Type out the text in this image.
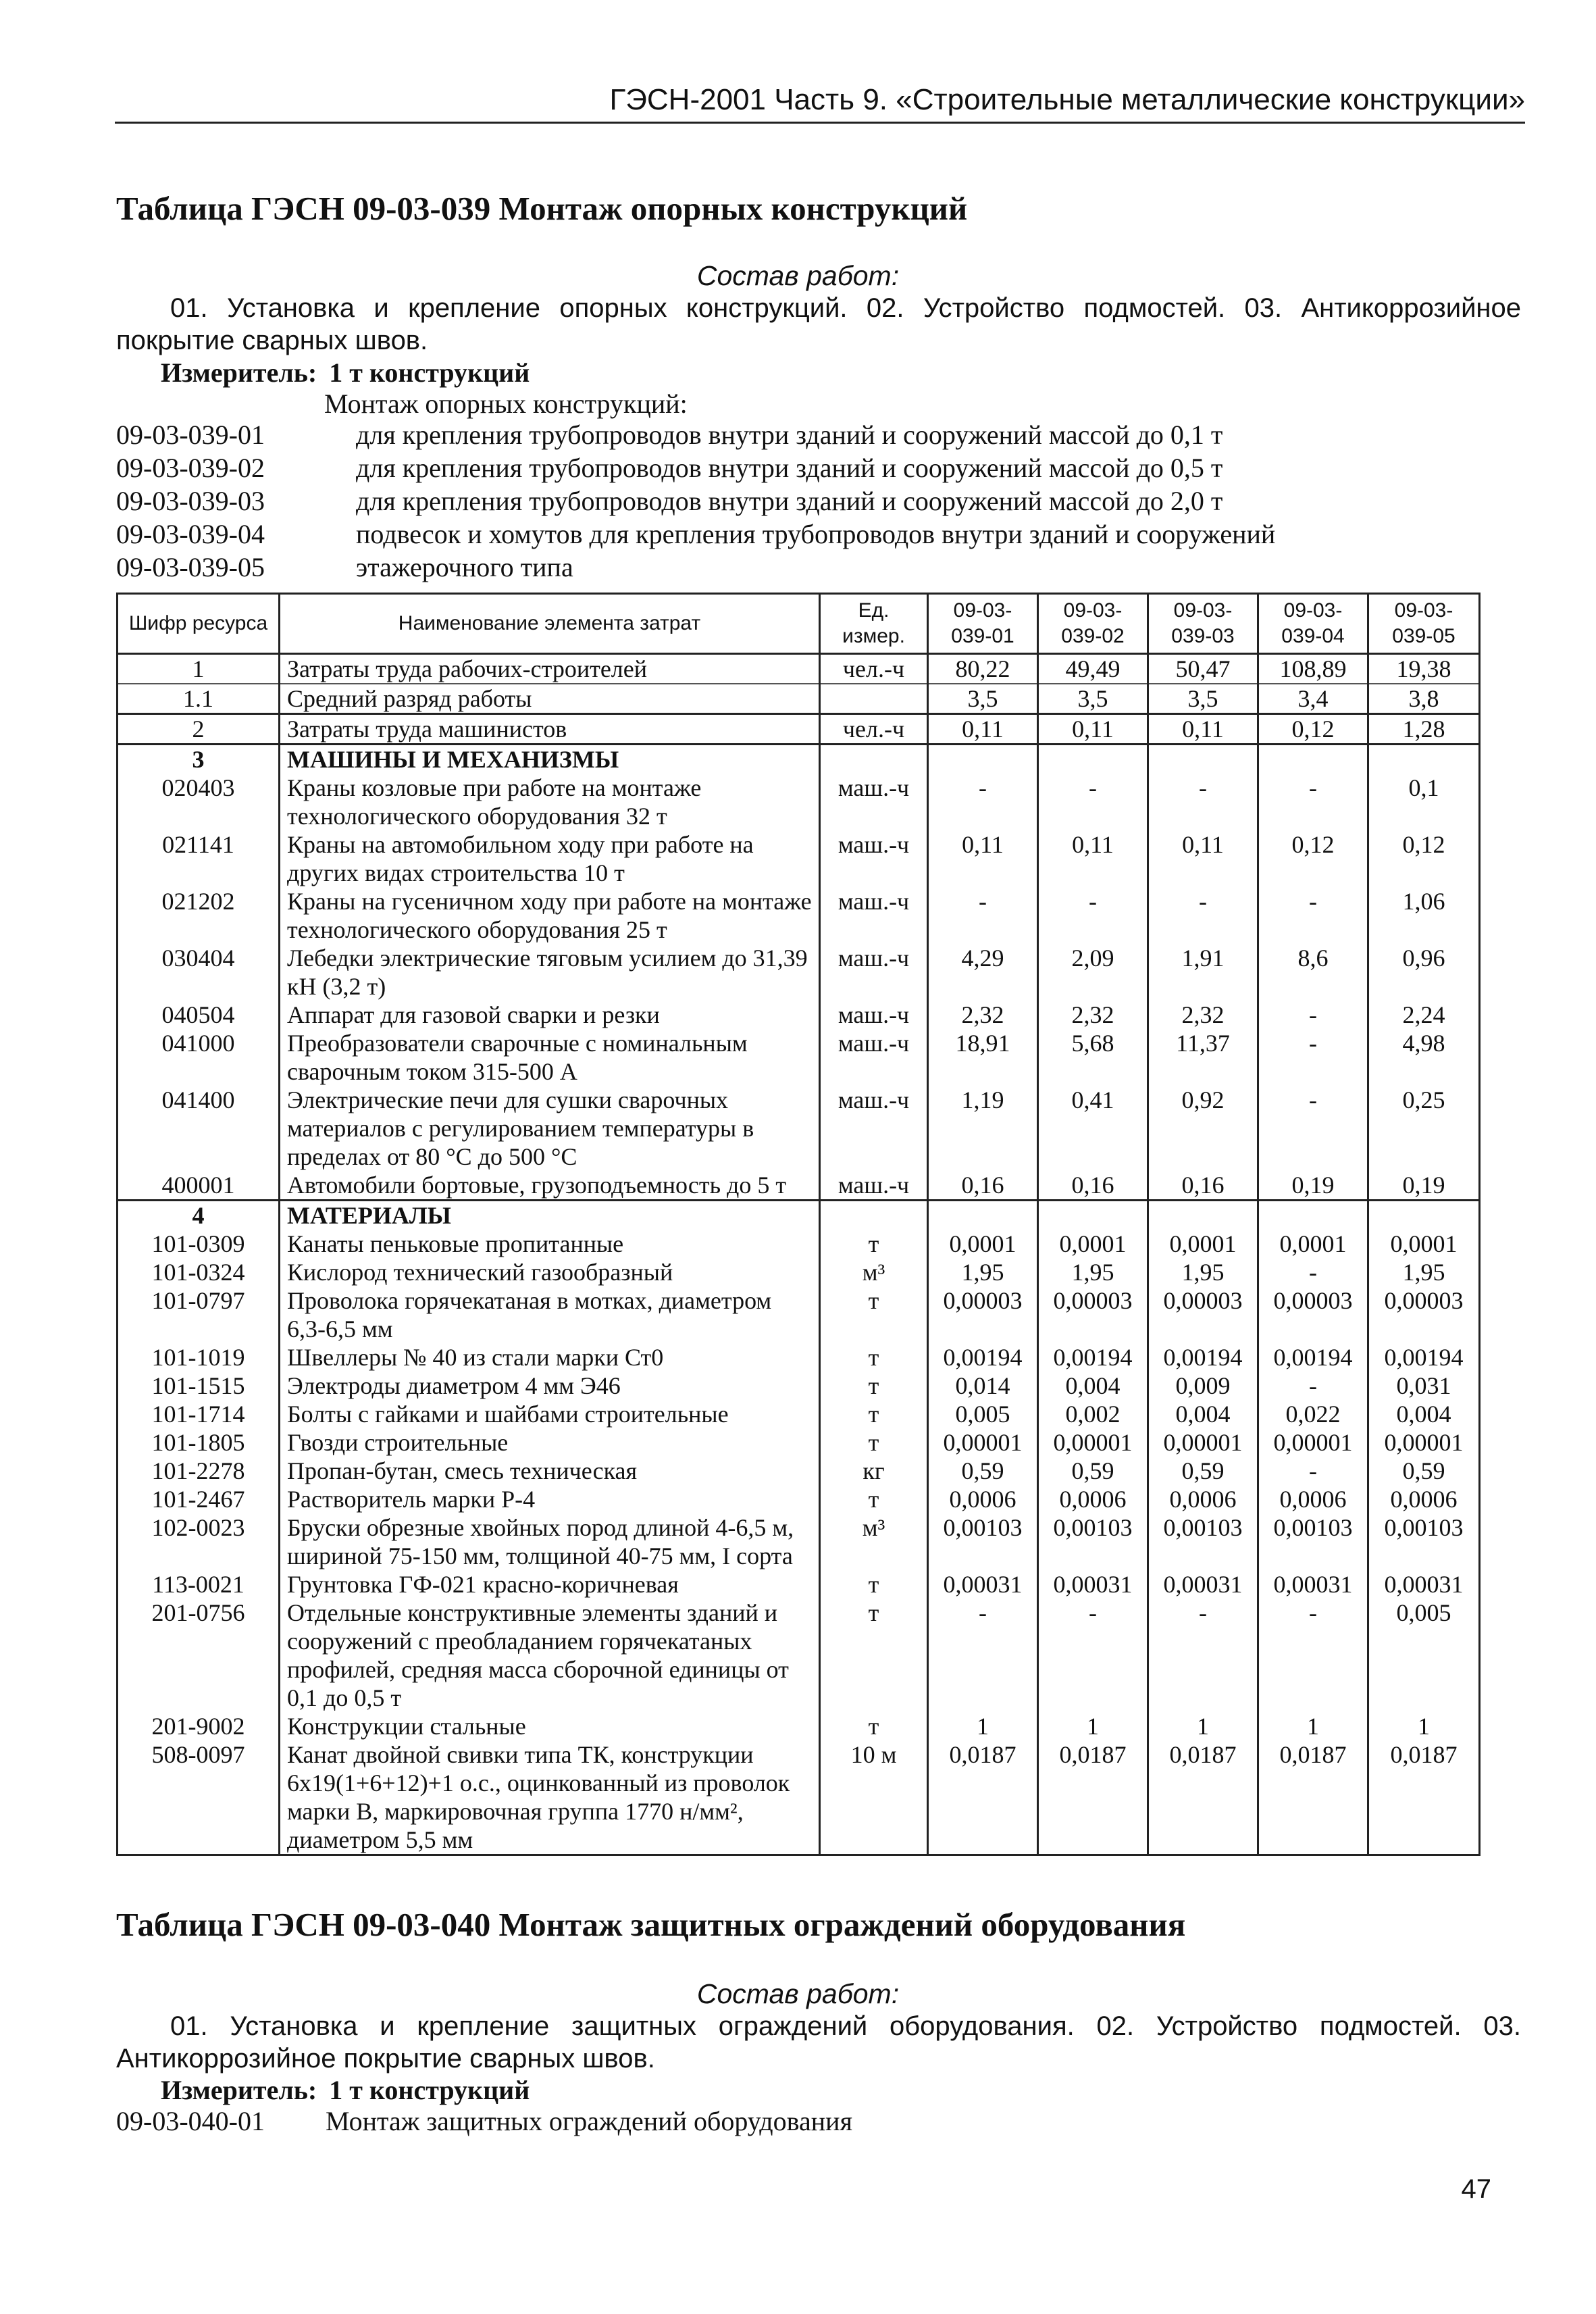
ГЭСН-2001 Часть 9. «Строительные металлические конструкции»
Таблица ГЭСН 09-03-039 Монтаж опорных конструкций
Состав работ:
01. Установка и крепление опорных конструкций. 02. Устройство подмостей. 03. Антикоррозийное покрытие сварных швов.
Измеритель: 1 т конструкций
Монтаж опорных конструкций:
09-03-039-01	для крепления трубопроводов внутри зданий и сооружений массой до 0,1 т
09-03-039-02	для крепления трубопроводов внутри зданий и сооружений массой до 0,5 т
09-03-039-03	для крепления трубопроводов внутри зданий и сооружений массой до 2,0 т
09-03-039-04	подвесок и хомутов для крепления трубопроводов внутри зданий и сооружений
09-03-039-05	этажерочного типа
Шифр ресурса	Наименование элемента затрат	Ед. измер.	09-03-039-01	09-03-039-02	09-03-039-03	09-03-039-04	09-03-039-05
1	Затраты труда рабочих-строителей	чел.-ч	80,22	49,49	50,47	108,89	19,38
1.1	Средний разряд работы		3,5	3,5	3,5	3,4	3,8
2	Затраты труда машинистов	чел.-ч	0,11	0,11	0,11	0,12	1,28
3	МАШИНЫ И МЕХАНИЗМЫ						
020403	Краны козловые при работе на монтаже технологического оборудования 32 т	маш.-ч	-	-	-	-	0,1
021141	Краны на автомобильном ходу при работе на других видах строительства 10 т	маш.-ч	0,11	0,11	0,11	0,12	0,12
021202	Краны на гусеничном ходу при работе на монтаже технологического оборудования 25 т	маш.-ч	-	-	-	-	1,06
030404	Лебедки электрические тяговым усилием до 31,39 кН (3,2 т)	маш.-ч	4,29	2,09	1,91	8,6	0,96
040504	Аппарат для газовой сварки и резки	маш.-ч	2,32	2,32	2,32	-	2,24
041000	Преобразователи сварочные с номинальным сварочным током 315-500 А	маш.-ч	18,91	5,68	11,37	-	4,98
041400	Электрические печи для сушки сварочных материалов с регулированием температуры в пределах от 80 °С до 500 °С	маш.-ч	1,19	0,41	0,92	-	0,25
400001	Автомобили бортовые, грузоподъемность до 5 т	маш.-ч	0,16	0,16	0,16	0,19	0,19
4	МАТЕРИАЛЫ						
101-0309	Канаты пеньковые пропитанные	т	0,0001	0,0001	0,0001	0,0001	0,0001
101-0324	Кислород технический газообразный	м³	1,95	1,95	1,95	-	1,95
101-0797	Проволока горячекатаная в мотках, диаметром 6,3-6,5 мм	т	0,00003	0,00003	0,00003	0,00003	0,00003
101-1019	Швеллеры № 40 из стали марки Ст0	т	0,00194	0,00194	0,00194	0,00194	0,00194
101-1515	Электроды диаметром 4 мм Э46	т	0,014	0,004	0,009	-	0,031
101-1714	Болты с гайками и шайбами строительные	т	0,005	0,002	0,004	0,022	0,004
101-1805	Гвозди строительные	т	0,00001	0,00001	0,00001	0,00001	0,00001
101-2278	Пропан-бутан, смесь техническая	кг	0,59	0,59	0,59	-	0,59
101-2467	Растворитель марки Р-4	т	0,0006	0,0006	0,0006	0,0006	0,0006
102-0023	Бруски обрезные хвойных пород длиной 4-6,5 м, шириной 75-150 мм, толщиной 40-75 мм, I сорта	м³	0,00103	0,00103	0,00103	0,00103	0,00103
113-0021	Грунтовка ГФ-021 красно-коричневая	т	0,00031	0,00031	0,00031	0,00031	0,00031
201-0756	Отдельные конструктивные элементы зданий и сооружений с преобладанием горячекатаных профилей, средняя масса сборочной единицы от 0,1 до 0,5 т	т	-	-	-	-	0,005
201-9002	Конструкции стальные	т	1	1	1	1	1
508-0097	Канат двойной свивки типа ТК, конструкции 6х19(1+6+12)+1 о.с., оцинкованный из проволок марки В, маркировочная группа 1770 н/мм², диаметром 5,5 мм	10 м	0,0187	0,0187	0,0187	0,0187	0,0187
Таблица ГЭСН 09-03-040 Монтаж защитных ограждений оборудования
Состав работ:
01. Установка и крепление защитных ограждений оборудования. 02. Устройство подмостей. 03. Антикоррозийное покрытие сварных швов.
Измеритель: 1 т конструкций
09-03-040-01 Монтаж защитных ограждений оборудования
47
